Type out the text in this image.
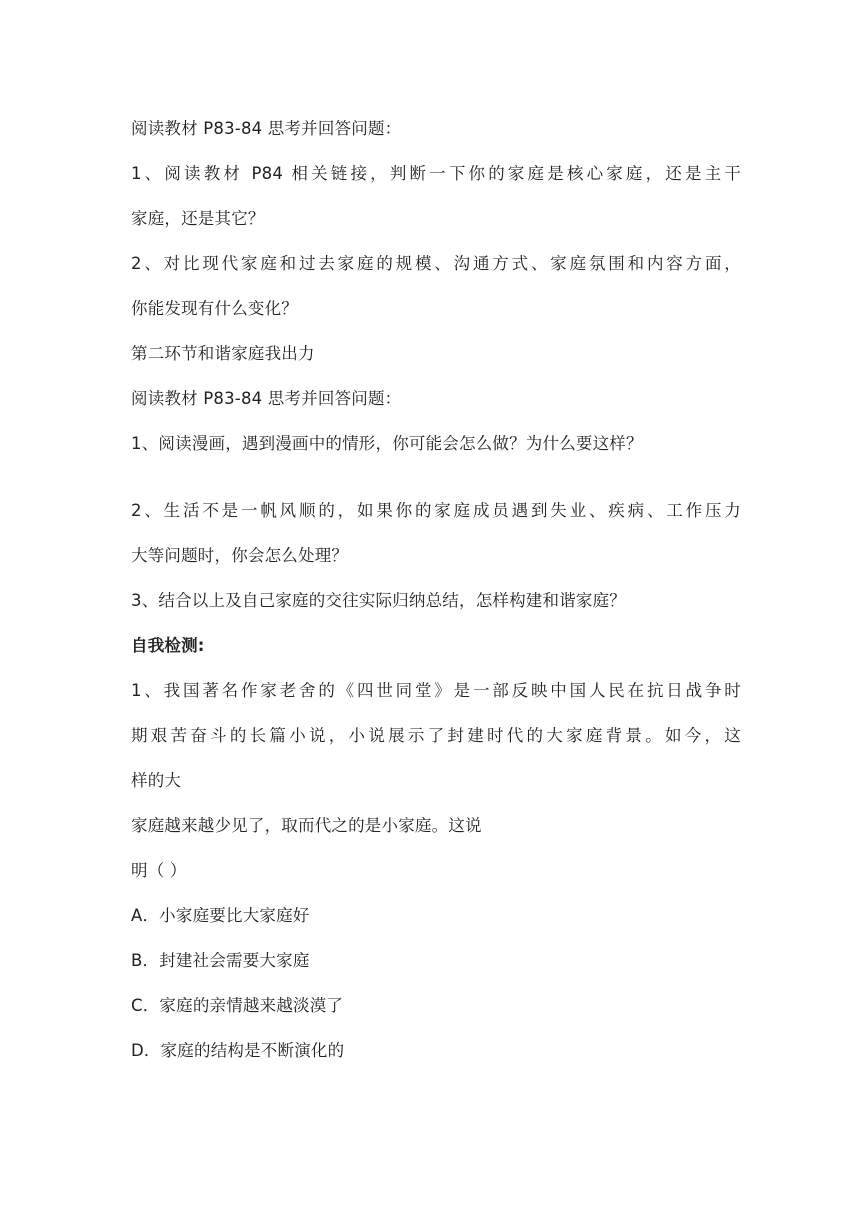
阅读教材 P83-84 思考并回答问题：
1、阅读教材 P84 相关链接，判断一下你的家庭是核心家庭，还是主干
家庭，还是其它？
2、对比现代家庭和过去家庭的规模、沟通方式、家庭氛围和内容方面，
你能发现有什么变化？
第二环节和谐家庭我出力
阅读教材 P83-84 思考并回答问题：
1、阅读漫画，遇到漫画中的情形，你可能会怎么做？为什么要这样？
2、生活不是一帆风顺的，如果你的家庭成员遇到失业、疾病、工作压力
大等问题时，你会怎么处理？
3、结合以上及自己家庭的交往实际归纳总结，怎样构建和谐家庭？
自我检测:
1、我国著名作家老舍的《四世同堂》是一部反映中国人民在抗日战争时
期艰苦奋斗的长篇小说，小说展示了封建时代的大家庭背景。如今，这
样的大
家庭越来越少见了，取而代之的是小家庭。这说
明（ ）
A．小家庭要比大家庭好
B．封建社会需要大家庭
C．家庭的亲情越来越淡漠了
D．家庭的结构是不断演化的
